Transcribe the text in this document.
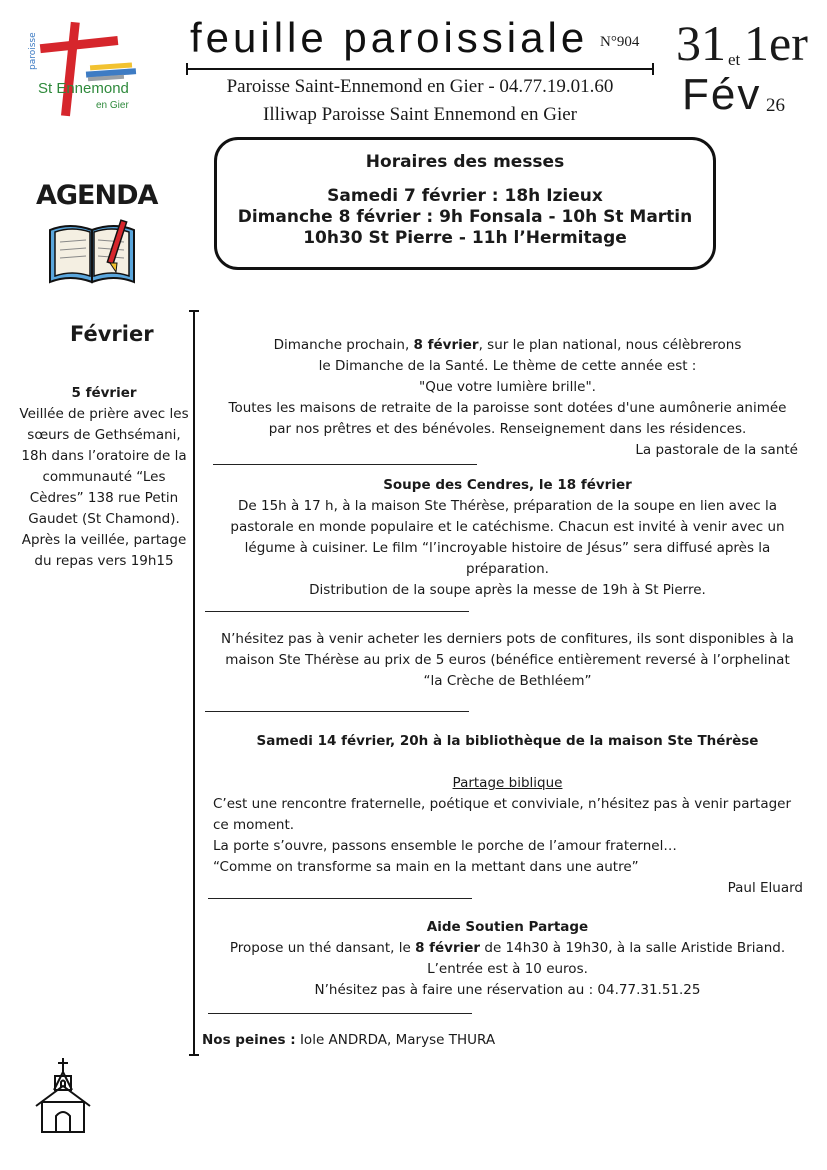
paroisse
St Ennemond
en Gier
feuille paroissiale N°904 31 et 1er
Fév 26
Paroisse Saint-Ennemond en Gier - 04.77.19.01.60
Illiwap Paroisse Saint Ennemond en Gier
Horaires des messes
Samedi 7 février : 18h Izieux
Dimanche 8 février : 9h Fonsala - 10h St Martin
10h30 St Pierre - 11h l’Hermitage
AGENDA
Février
5 février
Veillée de prière avec les sœurs de Gethsémani, 18h dans l’oratoire de la communauté “Les Cèdres” 138 rue Petin Gaudet (St Chamond). Après la veillée, partage du repas vers 19h15
Dimanche prochain, 8 février, sur le plan national, nous célèbrerons
le Dimanche de la Santé. Le thème de cette année est :
"Que votre lumière brille".
Toutes les maisons de retraite de la paroisse sont dotées d'une aumônerie animée
par nos prêtres et des bénévoles. Renseignement dans les résidences.
La pastorale de la santé
Soupe des Cendres, le 18 février
De 15h à 17 h, à la maison Ste Thérèse, préparation de la soupe en lien avec la
pastorale en monde populaire et le catéchisme. Chacun est invité à venir avec un
légume à cuisiner. Le film “l’incroyable histoire de Jésus” sera diffusé après la
préparation.
Distribution de la soupe après la messe de 19h à St Pierre.
N’hésitez pas à venir acheter les derniers pots de confitures, ils sont disponibles à la
maison Ste Thérèse au prix de 5 euros (bénéfice entièrement reversé à l’orphelinat
“la Crèche de Bethléem”
Samedi 14 février, 20h à la bibliothèque de la maison Ste Thérèse
Partage biblique
C’est une rencontre fraternelle, poétique et conviviale, n’hésitez pas à venir partager
ce moment.
La porte s’ouvre, passons ensemble le porche de l’amour fraternel…
“Comme on transforme sa main en la mettant dans une autre”
Paul Eluard
Aide Soutien Partage
Propose un thé dansant, le 8 février de 14h30 à 19h30, à la salle Aristide Briand.
L’entrée est à 10 euros.
N’hésitez pas à faire une réservation au : 04.77.31.51.25
Nos peines : Iole ANDRDA, Maryse THURA
